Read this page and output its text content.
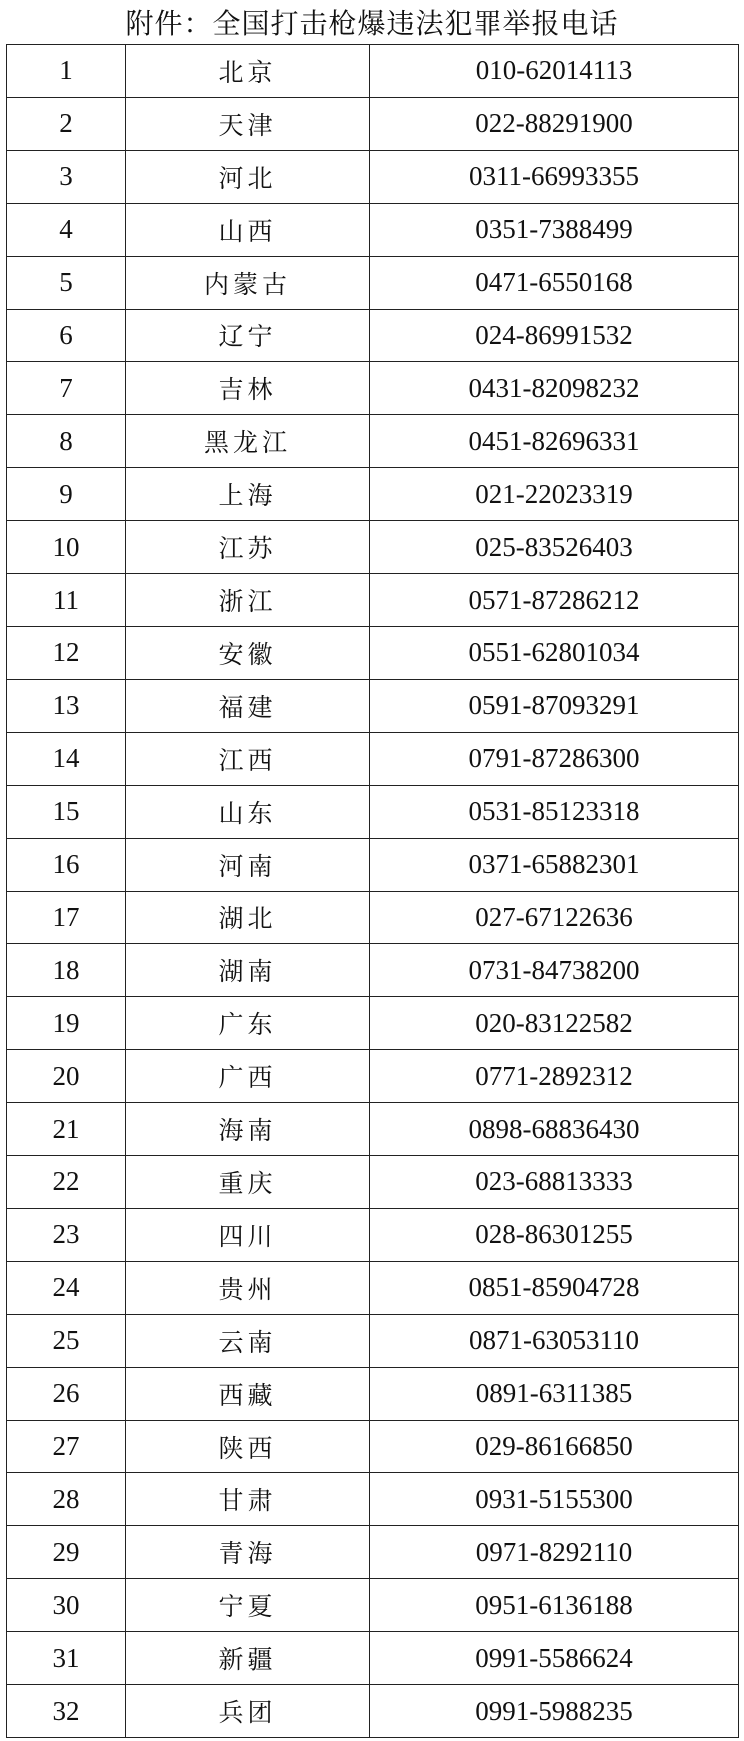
附件：全国打击枪爆违法犯罪举报电话
1	北京	010-62014113
2	天津	022-88291900
3	河北	0311-66993355
4	山西	0351-7388499
5	内蒙古	0471-6550168
6	辽宁	024-86991532
7	吉林	0431-82098232
8	黑龙江	0451-82696331
9	上海	021-22023319
10	江苏	025-83526403
11	浙江	0571-87286212
12	安徽	0551-62801034
13	福建	0591-87093291
14	江西	0791-87286300
15	山东	0531-85123318
16	河南	0371-65882301
17	湖北	027-67122636
18	湖南	0731-84738200
19	广东	020-83122582
20	广西	0771-2892312
21	海南	0898-68836430
22	重庆	023-68813333
23	四川	028-86301255
24	贵州	0851-85904728
25	云南	0871-63053110
26	西藏	0891-6311385
27	陕西	029-86166850
28	甘肃	0931-5155300
29	青海	0971-8292110
30	宁夏	0951-6136188
31	新疆	0991-5586624
32	兵团	0991-5988235
